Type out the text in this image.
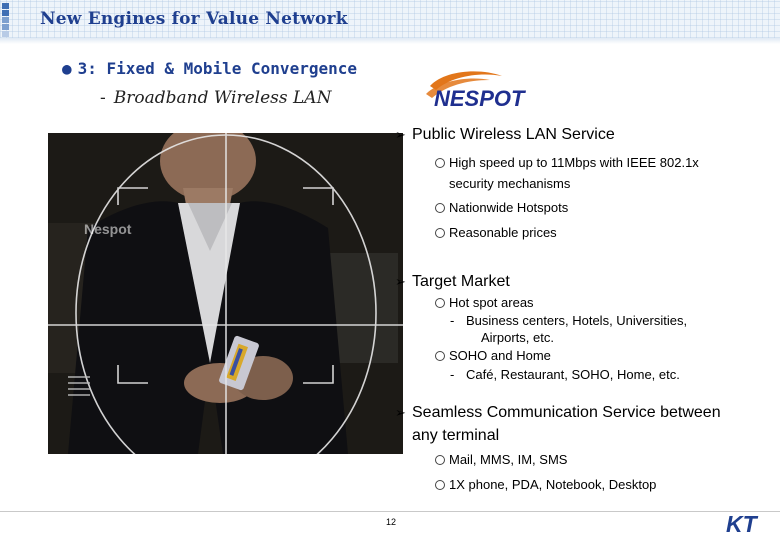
New Engines for Value Network
● 3: Fixed & Mobile Convergence
- Broadband Wireless LAN	NESPOT
Nespot
➢ Public Wireless LAN Service
High speed up to 11Mbps with IEEE 802.1x
security mechanisms
Nationwide Hotspots
Reasonable prices
➢ Target Market
Hot spot areas
- Business centers, Hotels, Universities,
Airports, etc.
SOHO and Home
- Café, Restaurant, SOHO, Home, etc.
➢ Seamless Communication Service between
any terminal
Mail, MMS, IM, SMS
1X phone, PDA, Notebook, Desktop
12	KT
